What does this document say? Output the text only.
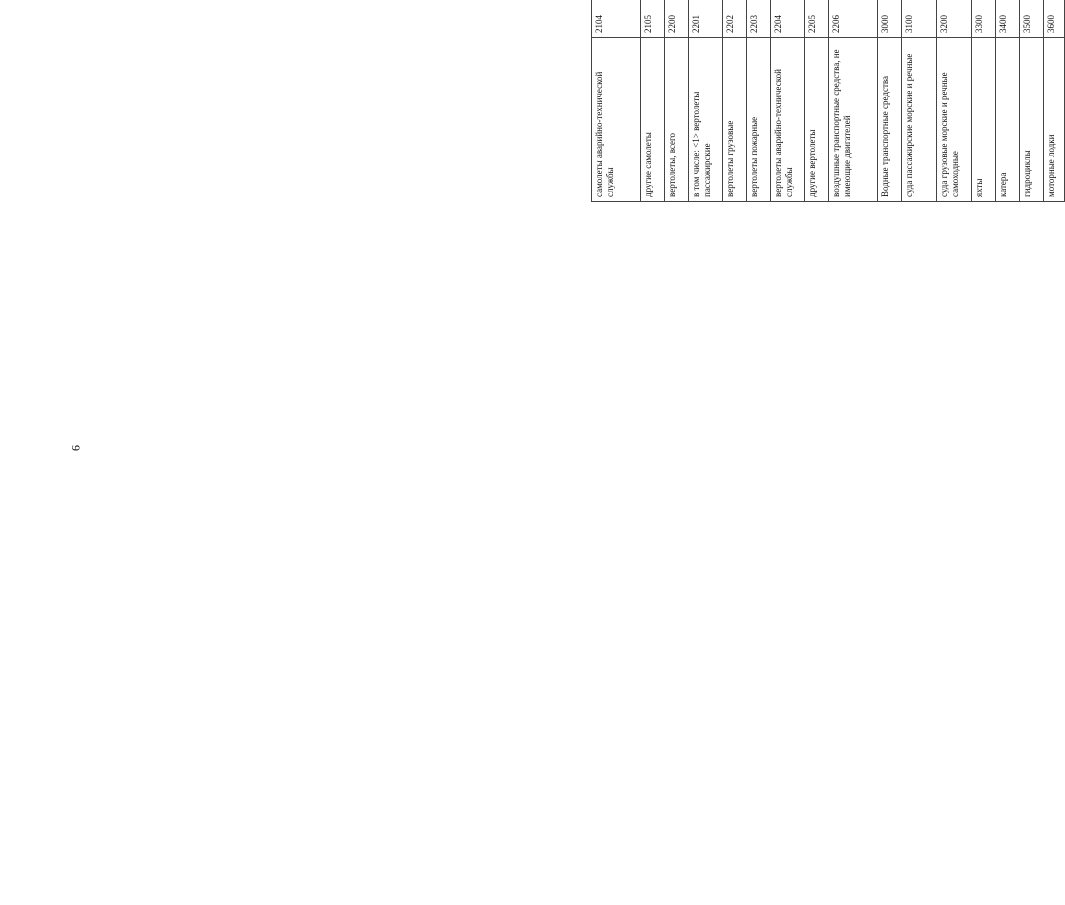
9
самолеты аварийно-технической службы	2104									
другие самолеты	2105									
вертолеты, всего	2200									
в том числе: <1> вертолеты пассажирские	2201									
вертолеты грузовые	2202									
вертолеты пожарные	2203									
вертолеты аварийно-технической службы	2204									
другие вертолеты	2205									
воздушные транспортные средства, не имеющие двигателей	2206									
Водные транспортные средства	3000									
суда пассажирские морские и речные	3100									
суда грузовые морские и речные самоходные	3200									
яхты	3300									
катера	3400									
гидроциклы	3500									
моторные лодки	3600									
